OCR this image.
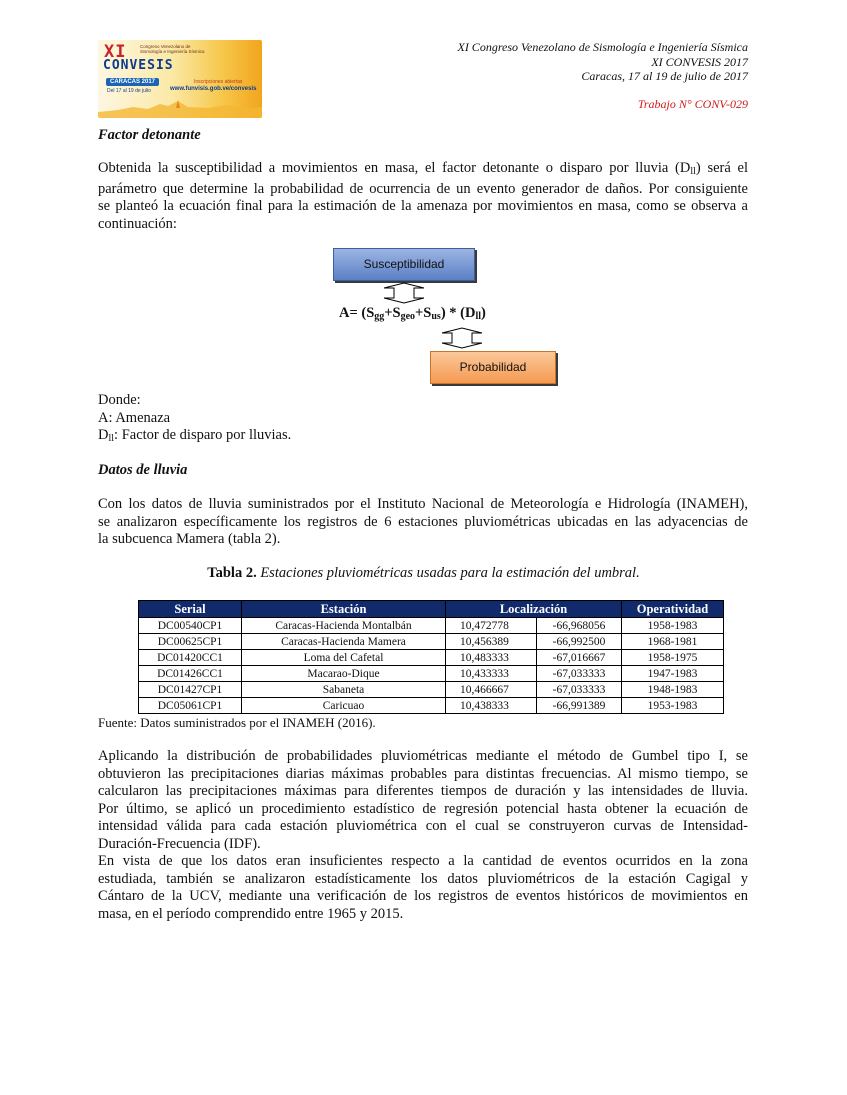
XI
CONVESIS
Congreso Venezolano de Sismología e Ingeniería Sísmica
CARACAS 2017
Del 17 al 19 de julio
Inscripciones abiertas
www.funvisis.gob.ve/convesis
XI Congreso Venezolano de Sismología e Ingeniería Sísmica
XI CONVESIS 2017
Caracas, 17 al 19 de julio de 2017
Trabajo N° CONV-029
Factor detonante
Obtenida la susceptibilidad a movimientos en masa, el factor detonante o disparo por lluvia $(D_{ll})$ será el
parámetro que determine la probabilidad de ocurrencia de un evento generador de daños. Por consiguiente
se planteó la ecuación final para la estimación de la amenaza por movimientos en masa, como se observa a
continuación:
Susceptibilidad
$A= (S_{gg}+S_{geo}+S_{us}) * (D_{ll})$
Probabilidad
Donde:
A: Amenaza
$D_{ll}$: Factor de disparo por lluvias.
Datos de lluvia
Con los datos de lluvia suministrados por el Instituto Nacional de Meteorología e Hidrología (INAMEH),
se analizaron específicamente los registros de 6 estaciones pluviométricas ubicadas en las adyacencias de
la subcuenca Mamera (tabla 2).
Tabla 2. Estaciones pluviométricas usadas para la estimación del umbral.
Serial	Estación	Localización		Operatividad
DC00540CP1	Caracas-Hacienda Montalbán	10,472778	-66,968056	1958-1983
DC00625CP1	Caracas-Hacienda Mamera	10,456389	-66,992500	1968-1981
DC01420CC1	Loma del Cafetal	10,483333	-67,016667	1958-1975
DC01426CC1	Macarao-Dique	10,433333	-67,033333	1947-1983
DC01427CP1	Sabaneta	10,466667	-67,033333	1948-1983
DC05061CP1	Caricuao	10,438333	-66,991389	1953-1983
Fuente: Datos suministrados por el INAMEH (2016).
Aplicando la distribución de probabilidades pluviométricas mediante el método de Gumbel tipo I, se
obtuvieron las precipitaciones diarias máximas probables para distintas frecuencias. Al mismo tiempo, se
calcularon las precipitaciones máximas para diferentes tiempos de duración y las intensidades de lluvia.
Por último, se aplicó un procedimiento estadístico de regresión potencial hasta obtener la ecuación de
intensidad válida para cada estación pluviométrica con el cual se construyeron curvas de Intensidad-
Duración-Frecuencia (IDF).
En vista de que los datos eran insuficientes respecto a la cantidad de eventos ocurridos en la zona
estudiada, también se analizaron estadísticamente los datos pluviométricos de la estación Cagigal y
Cántaro de la UCV, mediante una verificación de los registros de eventos históricos de movimientos en
masa, en el período comprendido entre 1965 y 2015.
